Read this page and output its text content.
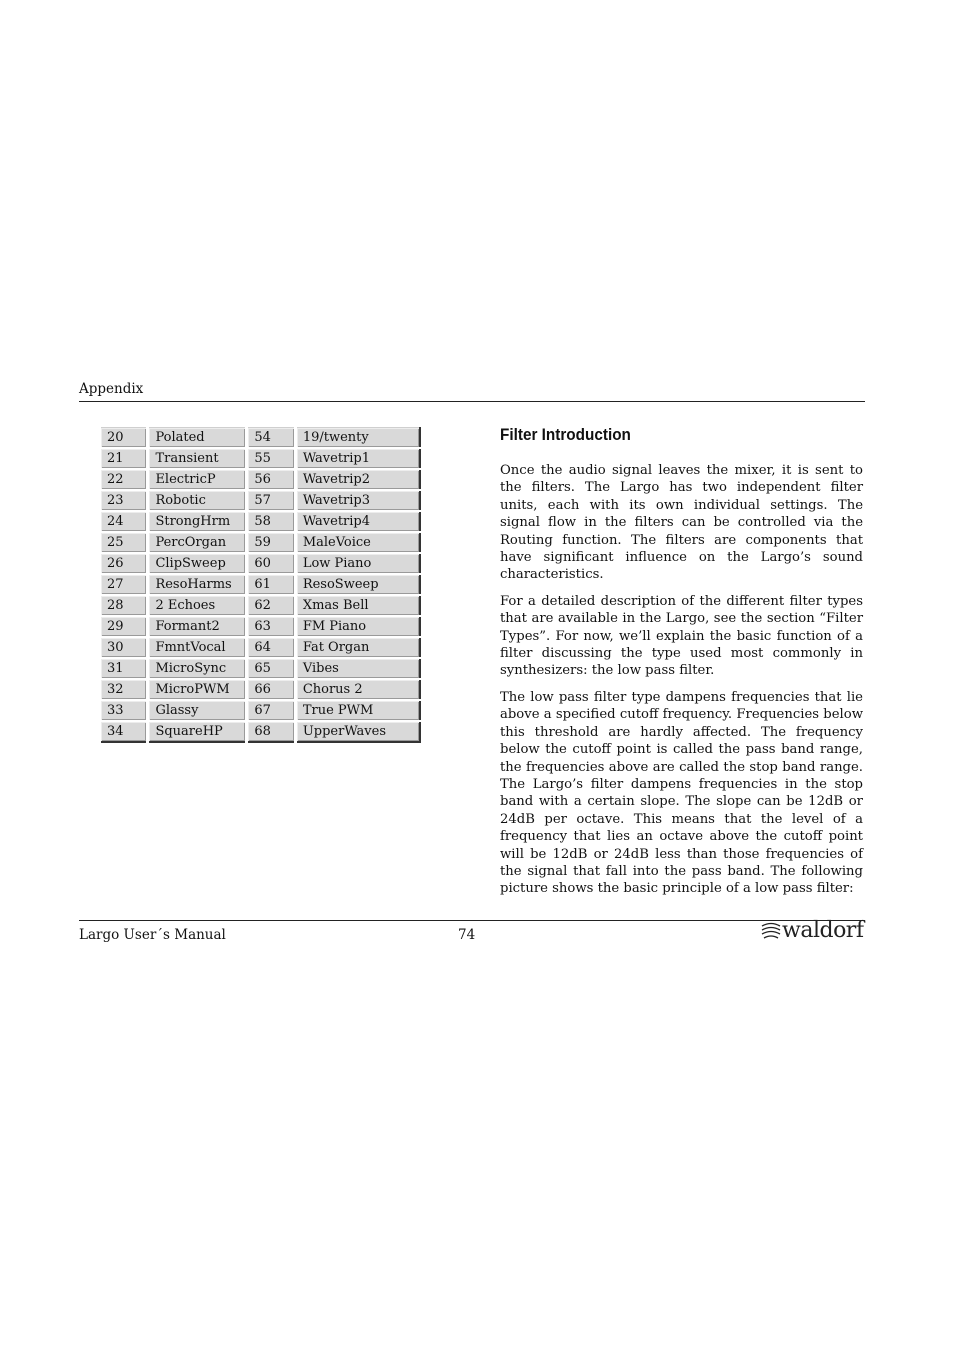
Appendix
20	Polated	54	19/twenty
21	Transient	55	Wavetrip1
22	ElectricP	56	Wavetrip2
23	Robotic	57	Wavetrip3
24	StrongHrm	58	Wavetrip4
25	PercOrgan	59	MaleVoice
26	ClipSweep	60	Low Piano
27	ResoHarms	61	ResoSweep
28	2 Echoes	62	Xmas Bell
29	Formant2	63	FM Piano
30	FmntVocal	64	Fat Organ
31	MicroSync	65	Vibes
32	MicroPWM	66	Chorus 2
33	Glassy	67	True PWM
34	SquareHP	68	UpperWaves
Filter Introduction

Once the audio signal leaves the mixer, it is sent to the filters. The Largo has two independent filter units, each with its own individual settings. The signal flow in the filters can be controlled via the Routing function. The filters are components that have significant influence on the Largo’s sound characteristics.

For a detailed description of the different filter types that are available in the Largo, see the section “Filter Types”. For now, we’ll explain the basic function of a filter discussing the type used most commonly in synthesizers: the low pass filter.

The low pass filter type dampens frequencies that lie above a specified cutoff frequency. Frequencies below this threshold are hardly affected. The frequency below the cutoff point is called the pass band range, the frequencies above are called the stop band range. The Largo’s filter dampens frequencies in the stop band with a certain slope. The slope can be 12dB or 24dB per octave. This means that the level of a frequency that lies an octave above the cutoff point will be 12dB or 24dB less than those frequencies of the signal that fall into the pass band. The following picture shows the basic principle of a low pass filter:

Largo User´s Manual	74	waldorf
